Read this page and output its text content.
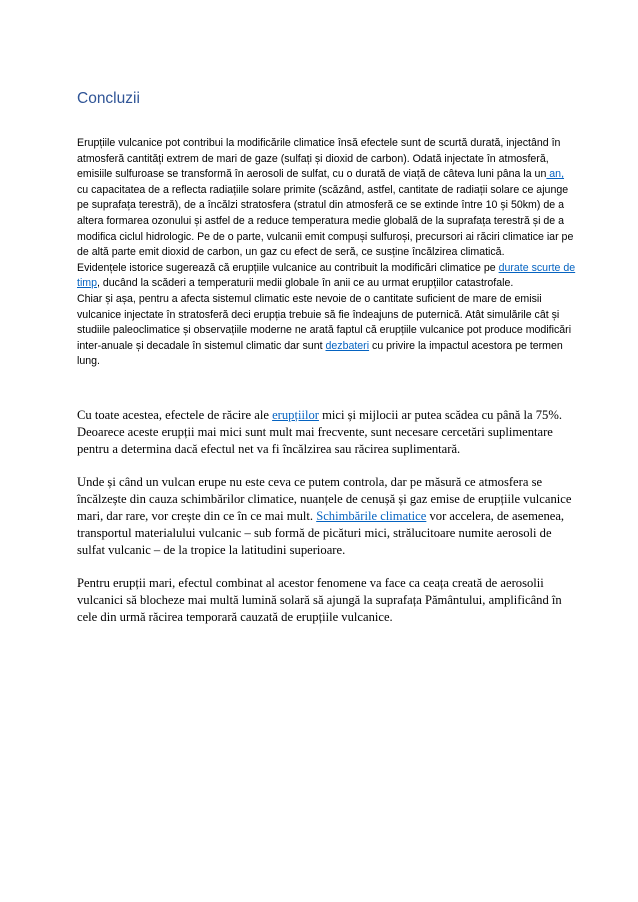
Concluzii

Erupțiile vulcanice pot contribui la modificările climatice însă efectele sunt de scurtă durată, injectând în atmosferă cantități extrem de mari de gaze (sulfați și dioxid de carbon). Odată injectate în atmosferă, emisiile sulfuroase se transformă în aerosoli de sulfat, cu o durată de viață de câteva luni pâna la un an, cu capacitatea de a reflecta radiațiile solare primite (scăzând, astfel, cantitate de radiații solare ce ajunge pe suprafața terestră), de a încălzi stratosfera (stratul din atmosferă ce se extinde între 10 și 50km) de a altera formarea ozonului și astfel de a reduce temperatura medie globală de la suprafața terestră și de a modifica ciclul hidrologic. Pe de o parte, vulcanii emit compuși sulfuroși, precursori ai răciri climatice iar pe de altă parte emit dioxid de carbon, un gaz cu efect de seră, ce susține încălzirea climatică.

Evidențele istorice sugerează că erupțiile vulcanice au contribuit la modificări climatice pe durate scurte de timp, ducând la scăderi a temperaturii medii globale în anii ce au urmat erupțiilor catastrofale.

Chiar și așa, pentru a afecta sistemul climatic este nevoie de o cantitate suficient de mare de emisii vulcanice injectate în stratosferă deci erupția trebuie să fie îndeajuns de puternică. Atât simulările cât și studiile paleoclimatice și observațiile moderne ne arată faptul că erupțiile vulcanice pot produce modificări inter-anuale și decadale în sistemul climatic dar sunt dezbateri cu privire la impactul acestora pe termen lung.

Cu toate acestea, efectele de răcire ale erupțiilor mici și mijlocii ar putea scădea cu până la 75%. Deoarece aceste erupții mai mici sunt mult mai frecvente, sunt necesare cercetări suplimentare pentru a determina dacă efectul net va fi încălzirea sau răcirea suplimentară.

Unde și când un vulcan erupe nu este ceva ce putem controla, dar pe măsură ce atmosfera se încălzește din cauza schimbărilor climatice, nuanțele de cenușă și gaz emise de erupțiile vulcanice mari, dar rare, vor crește din ce în ce mai mult. Schimbările climatice vor accelera, de asemenea, transportul materialului vulcanic – sub formă de picături mici, strălucitoare numite aerosoli de sulfat vulcanic – de la tropice la latitudini superioare.

Pentru erupții mari, efectul combinat al acestor fenomene va face ca ceața creată de aerosolii vulcanici să blocheze mai multă lumină solară să ajungă la suprafața Pământului, amplificând în cele din urmă răcirea temporară cauzată de erupțiile vulcanice.
